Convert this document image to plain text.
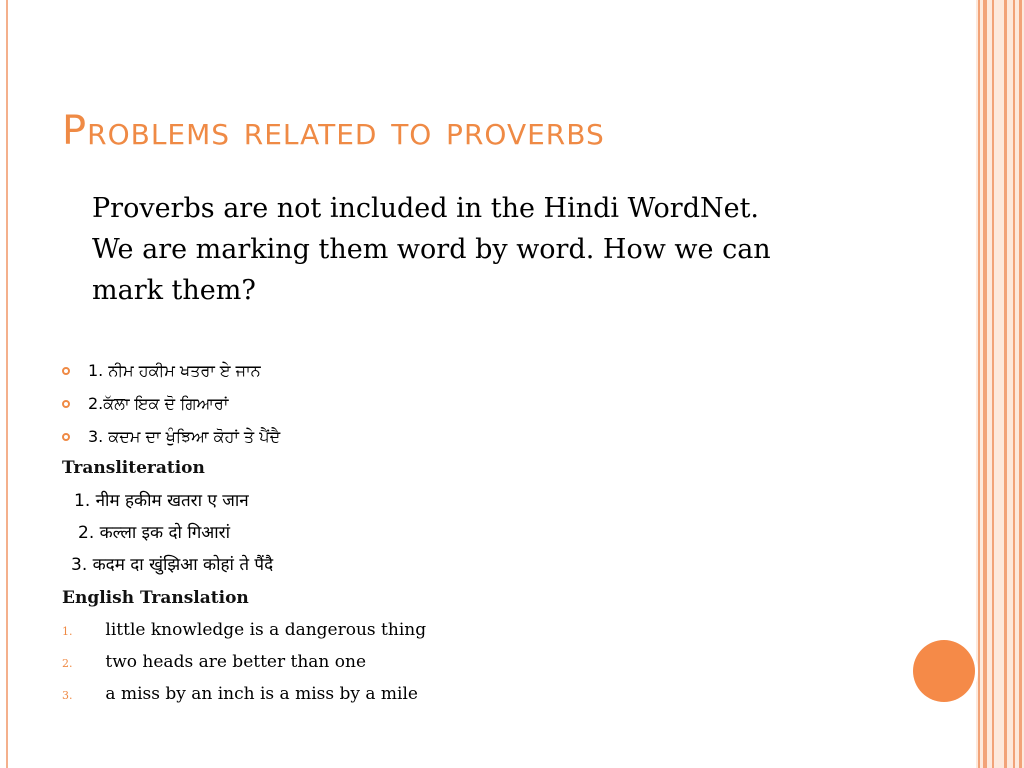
Problems related to proverbs
Proverbs are not included in the Hindi WordNet.
We are marking them word by word. How we can
mark them?
1. ਨੀਮ ਹਕੀਮ ਖਤਰਾ ਏ ਜਾਨ
2.ਕੱਲਾ ਇਕ ਦੋ ਗਿਆਰਾਂ
3. ਕਦਮ ਦਾ ਖੁੰਝਿਆ ਕੋਹਾਂ ਤੇ ਪੈਂਦੈ
Transliteration
1. नीम हकीम खतरा ए जान
2. कल्ला इक दो गिआरां
3. कदम दा खुंझिआ कोहां ते पैंदै
English Translation
1. little knowledge is a dangerous thing
2. two heads are better than one
3. a miss by an inch is a miss by a mile
